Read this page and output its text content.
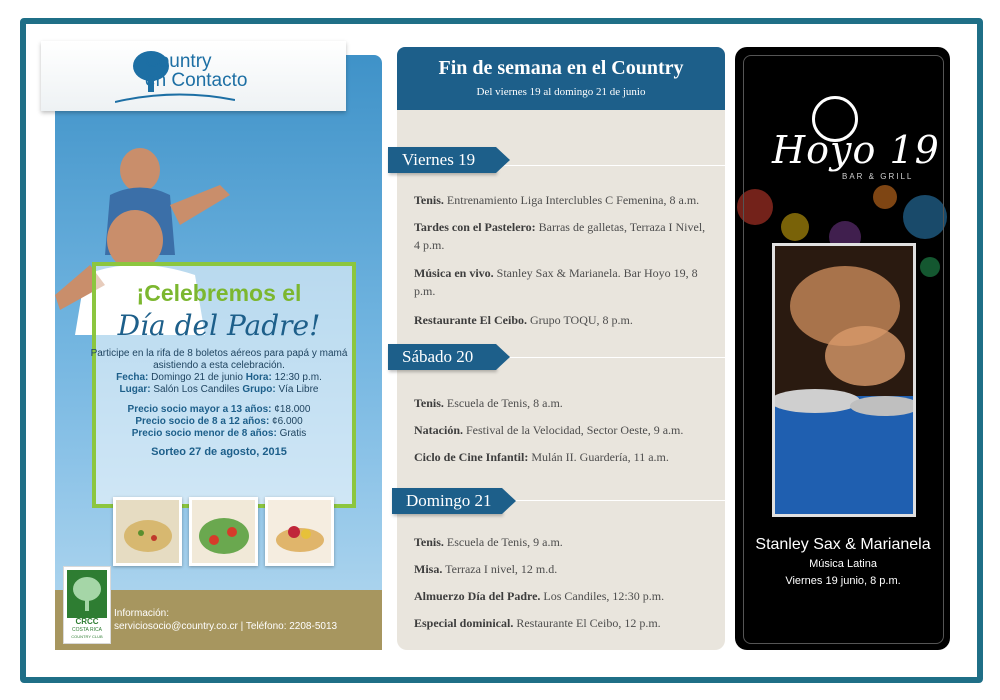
Country
en Contacto
¡Celebremos el
Día del Padre!
Participe en la rifa de 8 boletos aéreos para papá y mamá asistiendo a esta celebración.
Fecha: Domingo 21 de junio Hora: 12:30 p.m.
Lugar: Salón Los Candiles Grupo: Vía Libre
Precio socio mayor a 13 años: ¢18.000
Precio socio de 8 a 12 años: ¢6.000
Precio socio menor de 8 años: Gratis
Sorteo 27 de agosto, 2015
CRCC
COSTA RICA
COUNTRY CLUB
Información:
serviciosocio@country.co.cr | Teléfono: 2208-5013
Fin de semana en el Country
Del viernes 19 al domingo 21 de junio
Viernes 19
Tenis. Entrenamiento Liga Interclubles C Femenina, 8 a.m.
Tardes con el Pastelero: Barras de galletas, Terraza I Nivel, 4 p.m.
Música en vivo. Stanley Sax & Marianela. Bar Hoyo 19, 8 p.m.
Restaurante El Ceibo. Grupo TOQU, 8 p.m.
Sábado 20
Tenis. Escuela de Tenis, 8 a.m.
Natación. Festival de la Velocidad, Sector Oeste, 9 a.m.
Ciclo de Cine Infantil: Mulán II. Guardería, 11 a.m.
Domingo 21
Tenis. Escuela de Tenis, 9 a.m.
Misa. Terraza I nivel, 12 m.d.
Almuerzo Día del Padre. Los Candiles, 12:30 p.m.
Especial dominical. Restaurante El Ceibo, 12 p.m.
Hoyo 19
BAR & GRILL
Stanley Sax & Marianela
Música Latina
Viernes 19 junio, 8 p.m.
